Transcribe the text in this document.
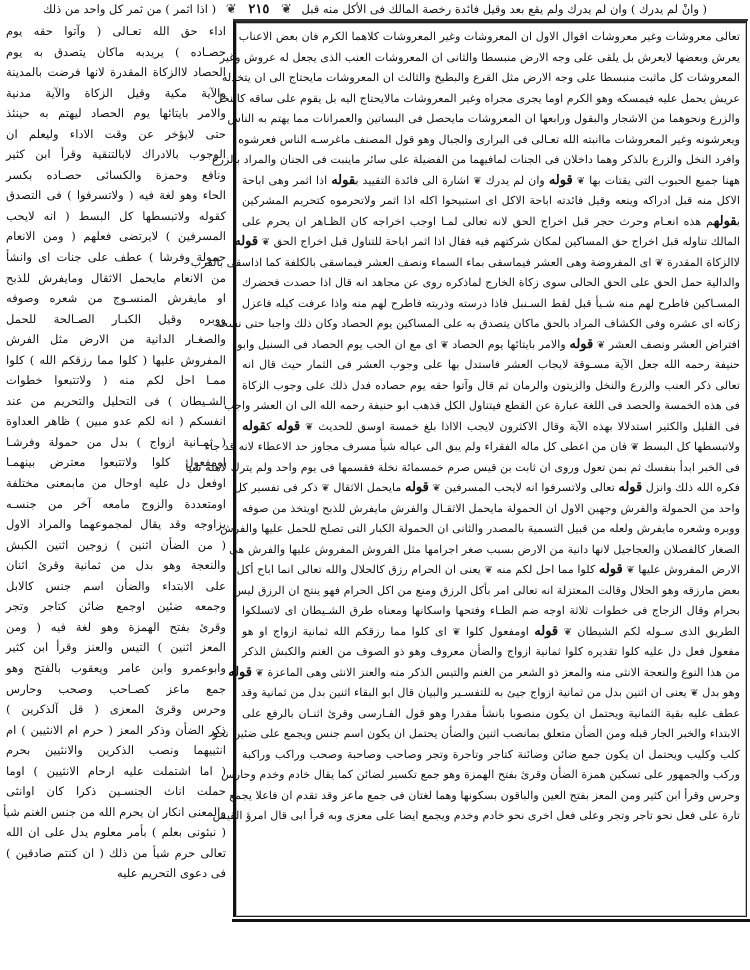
( وانْ لم يدرك ) وان لم يدرك ولم يقع بعد وقيل فائدة رخصة المالك فى الأكل منه قبل ❦ ٢١٥ ❦ ( اذا اثمر ) من ثمر كل واحد من ذلك
اداء حق الله تعـالى ( وآتوا حقه يوم
حصـاده ) يريدبه ماكان يتصدق به يوم
الحصاد لاالزكاة المقدرة لانها فرضت بالمدينة
والآية مكية وقيل الزكاة والآية مدنية
والامر بايتائها يوم الحصاد ليهتم به حينئذ
حتى لايؤخر عن وقت الاداء وليعلم ان
الوجوب بالادراك لابالتنقية وقرأ ابن كثير
ونافع وحمزة والكسائى حصـاده بكسر
الحاء وهو لغة فيه ( ولاتسرفوا ) فى التصدق
كقوله ولاتبسطها كل البسط ( انه لايحب
المسرفين ) لايرتضى فعلهم ( ومن الانعام
حمولة وفرشا ) عطف على جنات اى وانشأ
من الانعام مايحمل الاثقال ومايفرش للذبح
او مايفرش المنسـوج من شعره وصوفه
ووبره وقيل الكبـار الصـالحة للحمل
والصغـار الدانية من الارض مثل الفرش
المفروش عليها ( كلوا مما رزقكم الله ) كلوا
ممـا احل لكم منه ( ولاتتبعوا خطوات
الشـيطان ) فى التحليل والتحريم من عند
انفسكم ( انه لكم عدو مبين ) ظاهر العداوة
( ثمـانية ازواج ) بدل من حمولة وفرشـا
اومفعول كلوا ولاتتبعوا معترض بينهمـا
اوفعل دل عليه اوحال من مابمعنى مختلفة
اومتعددة والزوج مامعه آخر من جنسـه
يزاوجه وقد يقال لمجموعهما والمراد الاول
( من الضأن اثنين ) زوجين اثنين الكبش
والنعجة وهو بدل من ثمانية وقرئ اثنان
على الابتداء والضأن اسم جنس كالابل
وجمعه ضئين اوجمع ضائن كتاجر وتجر
وقرئ بفتح الهمزة وهو لغة فيه ( ومن
المعز اثنين ) التيس والعنز وقرأ ابن كثير
وابوعمرو وابن عامر ويعقوب بالفتح وهو
جمع ماعز كصـاحب وصحب وحارس
وحرس وقرئ المعزى ( قل آلذكرين )
ذكر الضأن وذكر المعز ( حرم ام الانثيين ) ام
انثييهما ونصب الذكرين والانثيين بحرم
( اما اشتملت عليه ارحام الانثيين ) اوما
حملت اناث الجنسـين ذكرا كان اوانثى
والمعنى انكار ان يحرم الله من جنس الغنم شيأ
( نبئونى بعلم ) بأمر معلوم يدل على ان الله
تعالى حرم شيأ من ذلك ( ان كنتم صادقين )
فى دعوى التحريم عليه
تعالى معروشات وغير معروشات اقوال الاول ان المعروشات وغير المعروشات كلاهما الكرم فان بعض الاعناب
يعرش وبعضها لايعرش بل يلقى على وجه الارض منبسطا والثانى ان المعروشات العنب الذى يجعل له عروش وغير
المعروشات كل ماثبت منبسطا على وجه الارض مثل القرع والبطيخ والثالث ان المعروشات مايحتاج الى ان يتخذله
عريش يحمل عليه فيمسكه وهو الكرم اوما يجرى مجراه وغير المعروشات مالايحتاج اليه بل يقوم على ساقه كالنخل
والزرع ونحوهما من الاشجار والبقول ورابعها ان المعروشات مايحصل فى البساتين والعمرانات مما يهتم به الناس
ويعرشونه وغير المعروشات ماانبته الله تعـالى فى البرارى والجبال وهو قول المصنف ماغرسـه الناس فعرشوه
وافرد النخل والزرع بالذكر وهما داخلان فى الجنات لمافيهما من الفضيلة على سائر ماينبت فى الجنان والمراد بالزرع
ههنا جميع الحبوب التى يقتات بها ❦ قوله وان لم يدرك ❦ اشارة الى فائدة التقييد بقوله اذا اثمر وهى اباحة
الاكل منه قبل ادراكه وينعه وقيل فائدته اباحة الاكل اى استبيحوا اكله اذا اثمر ولاتحرموه كتحريم المشركين
بقولهم هذه انعـام وحرث حجر قبل اخراج الحق لانه تعالى لمـا اوجب اخراجه كان الظـاهر ان يحرم على
المالك تناوله قبل اخراج حق المساكين لمكان شركتهم فيه فقال اذا اثمر اباحة للتناول قبل اخراج الحق ❦ قوله
لاالزكاة المقدرة ❦ اى المفروضة وهى العشر فيماسقى بماء السماء ونصف العشر فيماسقى بالكلفة كما اذاسقى بالقرب
والدالية حمل الحق على الحق الحالى سوى زكاة الخارج لماذكره روى عن مجاهد انه قال اذا حصدت فحضرك
المسـاكين فاطرح لهم منه شـيأ قبل لقط السـنبل فاذا درسته وذريته فاطرح لهم منه واذا عرفت كيله فاعزل
زكاته اى عشره وفى الكشاف المراد بالحق ماكان يتصدق به على المساكين يوم الحصاد وكان ذلك واجبا حتى نسخه
افتراض العشر ونصف العشر ❦ قوله والامر بايتائها يوم الحصاد ❦ اى مع ان الحب يوم الحصاد فى السنبل وابو
حنيفة رحمه الله جعل الآية مسـوقة لايجاب العشر فاستدل بها على وجوب العشر فى الثمار حيث قال انه
تعالى ذكر العنب والزرع والنخل والزيتون والرمان ثم قال وآتوا حقه يوم حصاده فدل ذلك على وجوب الزكاة
فى هذه الخمسة والحصد فى اللغة عبارة عن القطع فيتناول الكل فذهب ابو حنيفة رحمه الله الى ان العشر واجب
فى القليل والكثير استدلالا بهذه الآية وقال الاكثرون لايجب الااذا بلغ خمسة اوسق للحديث ❦ قوله كقوله
ولاتبسطها كل البسط ❦ فان من اعطى كل ماله الفقراء ولم يبق الى عياله شيأ مسرف مجاوز حد الاعطاء لانه قد جاء
فى الخبر ابدأ بنفسك ثم بمن تعول وروى ان ثابت بن قيس صرم خمسمائة نخلة فقسمها فى يوم واحد ولم يترك لاهله شيأ
فكره الله ذلك وانزل قوله تعالى ولاتسرفوا انه لايحب المسرفين ❦ قوله مايحمل الاثقال ❦ ذكر فى تفسير كل
واحد من الحمولة والفرش وجهين الاول ان الحمولة مايحمل الاثقـال والفرش مايفرش للذبح اويتخذ من صوفه
ووبره وشعره مايفرش ولعله من قبيل التسمية بالمصدر والثانى ان الحمولة الكبار التى تصلح للحمل عليها والفرش
الصغار كالفصلان والعجاجيل لانها دانية من الارض بسبب صغر اجرامها مثل الفروش المفروش عليها والفرش هى
الارض المفروش عليها ❦ قوله كلوا مما احل لكم منه ❦ يعنى ان الحرام رزق كالحلال والله تعالى انما اباح أكل
بعض مارزقه وهو الحلال وقالت المعتزلة انه تعالى امر بأكل الرزق ومنع من اكل الحرام فهو ينتج ان الرزق ليس
بحرام وقال الزجاج فى خطوات ثلاثة اوجه ضم الطـاء وفتحها واسكانها ومعناه طرق الشـيطان اى لاتسلكوا
الطريق الذى سـوله لكم الشيطان ❦ قوله اومفعول كلوا ❦ اى كلوا مما رزقكم الله ثمانية ازواج او هو
مفعول فعل دل عليه كلوا تقديره كلوا ثمانية ازواج والضأن معروف وهو ذو الصوف من الغنم والكبش الذكر
من هذا النوع والنعجة الانثى منه والمعز ذو الشعر من الغنم والتيس الذكر منه والعنز الانثى وهى الماعزة ❦ قوله
وهو بدل ❦ يعنى ان اثنين بدل من ثمانية ازواج جيئ به للتفسـير والبيان قال ابو البقاء اثنين بدل من ثمانية وقد
عطف عليه بقية الثمانية ويحتمل ان يكون منصوبا بانشأ مقدرا وهو قول الفـارسى وقرئ اثنـان بالرفع على
الابتداء والخبر الجار قبله ومن الضأن متعلق بمانصب اثنين والضأن يحتمل ان يكون اسم جنس ويجمع على ضئين نحو
كلب وكليب ويحتمل ان يكون جمع ضائن وضائنة كتاجر وتاجرة وتجر وصاحب وصاحبة وصحب وراكب وراكبة
وركب والجمهور على تسكين همزة الضأن وقرئ بفتح الهمزة وهو جمع تكسير لضائن كما يقال خادم وخدم وحارس
وحرس وقرأ ابن كثير ومن المعز بفتح العين والباقون بسكونها وهما لغتان فى جمع ماعز وقد تقدم ان فاعلا يجمع
تارة على فعل نحو تاجر وتجر وعلى فعل اخرى نحو خادم وخدم ويجمع ايضا على معزى وبه قرأ ابى قال امرؤ القيس
